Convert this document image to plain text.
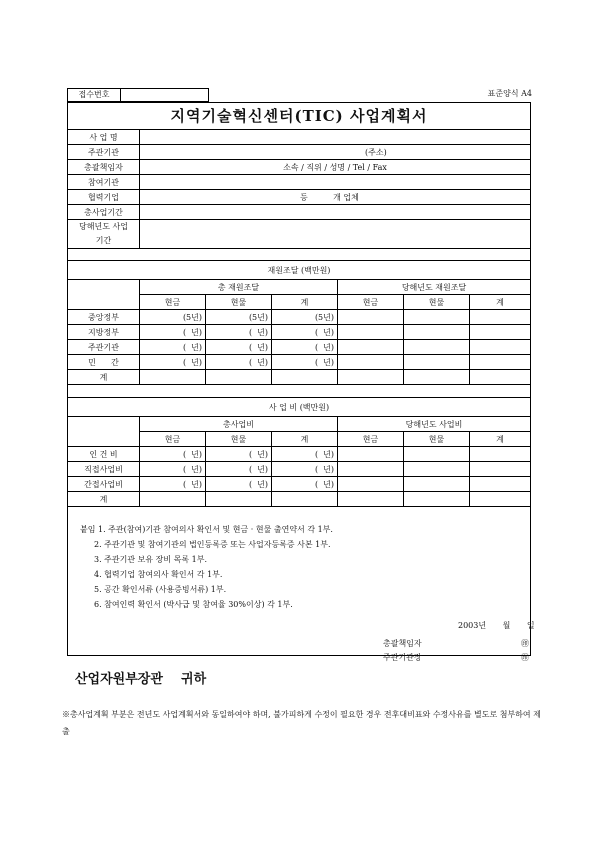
접수번호	표준양식 A4
지역기술혁신센터(TIC) 사업계획서	
사 업 명	
주관기관	(주소)
총괄책임자	소속 / 직위 / 성명 / Tel / Fax
참여기관	
협력기업	등          개 업체
총사업기간	
당해년도 사업기간	
재원조달 (백만원)						
	총 재원조달			당해년도 재원조달		
	현금	현물	계	현금	현물	계
중앙정부	(5년)	(5년)	(5년)			
지방정부	(  년)	(  년)	(  년)			
주관기관	(  년)	(  년)	(  년)			
민      간	(  년)	(  년)	(  년)			
계						
사 업 비 (백만원)						
	총사업비			당해년도 사업비		
	현금	현물	계	현금	현물	계
인 건 비	(  년)	(  년)	(  년)			
직접사업비	(  년)	(  년)	(  년)			
간접사업비	(  년)	(  년)	(  년)			
계						
붙임 1. 주관(참여)기관 참여의사 확인서 및 현금 · 현물 출연약서 각 1부.
2. 주관기관 및 참여기관의 법인등록증 또는 사업자등록증 사본 1부.
3. 주관기관 보유 장비 목록 1부.
4. 협력기업 참여의사 확인서 각 1부.
5. 공간 확인서류 (사용증빙서류) 1부.
6. 참여인력 확인서 (박사급 및 참여율 30%이상) 각 1부.
2003년 월 일
총괄책임자	㊞
주관기관장	㊞
산업자원부장관    귀하
※총사업계획 부분은 전년도 사업계획서와 동일하여야 하며, 불가피하게 수정이 필요한 경우 전후대비표와 수정사유를 별도로 첨부하여 제출
